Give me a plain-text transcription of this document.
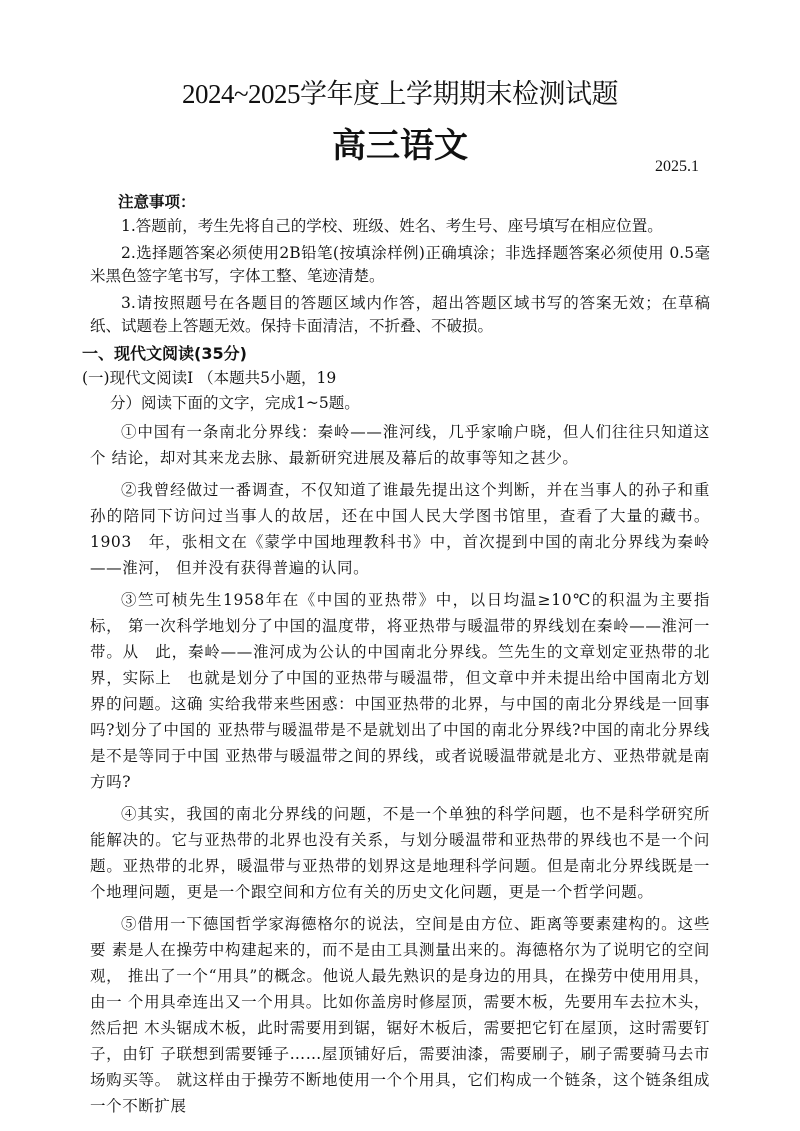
2024~2025学年度上学期期末检测试题
高三语文
2025.1
注意事项：

1.答题前，考生先将自己的学校、班级、姓名、考生号、座号填写在相应位置。

2.选择题答案必须使用2B铅笔(按填涂样例)正确填涂；非选择题答案必须使用 0.5毫米黑色签字笔书写，字体工整、笔迹清楚。

3.请按照题号在各题目的答题区域内作答，超出答题区域书写的答案无效；在草稿 纸、试题卷上答题无效。保持卡面清洁，不折叠、不破损。

一、现代文阅读(35分)
(一)现代文阅读I （本题共5小题，19
分）阅读下面的文字，完成1~5题。

①中国有一条南北分界线：秦岭——淮河线，几乎家喻户晓，但人们往往只知道这个 结论，却对其来龙去脉、最新研究进展及幕后的故事等知之甚少。

②我曾经做过一番调查，不仅知道了谁最先提出这个判断，并在当事人的孙子和重孙的陪同下访问过当事人的故居，还在中国人民大学图书馆里，查看了大量的藏书。1903　年，张相文在《蒙学中国地理教科书》中，首次提到中国的南北分界线为秦岭——淮河， 但并没有获得普遍的认同。

③竺可桢先生1958年在《中国的亚热带》中，以日均温≥10℃的积温为主要指标， 第一次科学地划分了中国的温度带，将亚热带与暖温带的界线划在秦岭——淮河一带。从　此，秦岭——淮河成为公认的中国南北分界线。竺先生的文章划定亚热带的北界，实际上　也就是划分了中国的亚热带与暖温带，但文章中并未提出给中国南北方划界的问题。这确 实给我带来些困惑：中国亚热带的北界，与中国的南北分界线是一回事吗?划分了中国的 亚热带与暖温带是不是就划出了中国的南北分界线?中国的南北分界线是不是等同于中国 亚热带与暖温带之间的界线，或者说暖温带就是北方、亚热带就是南方吗?

④其实，我国的南北分界线的问题，不是一个单独的科学问题，也不是科学研究所能解决的。它与亚热带的北界也没有关系，与划分暖温带和亚热带的界线也不是一个问题。亚热带的北界，暖温带与亚热带的划界这是地理科学问题。但是南北分界线既是一个地理问题，更是一个跟空间和方位有关的历史文化问题，更是一个哲学问题。

⑤借用一下德国哲学家海德格尔的说法，空间是由方位、距离等要素建构的。这些要 素是人在操劳中构建起来的，而不是由工具测量出来的。海德格尔为了说明它的空间观， 推出了一个“用具”的概念。他说人最先熟识的是身边的用具，在操劳中使用用具，由一 个用具牵连出又一个用具。比如你盖房时修屋顶，需要木板，先要用车去拉木头，然后把 木头锯成木板，此时需要用到锯，锯好木板后，需要把它钉在屋顶，这时需要钉子，由钉 子联想到需要锤子……屋顶铺好后，需要油漆，需要刷子，刷子需要骑马去市场购买等。 就这样由于操劳不断地使用一个个用具，它们构成一个链条，这个链条组成一个不断扩展
